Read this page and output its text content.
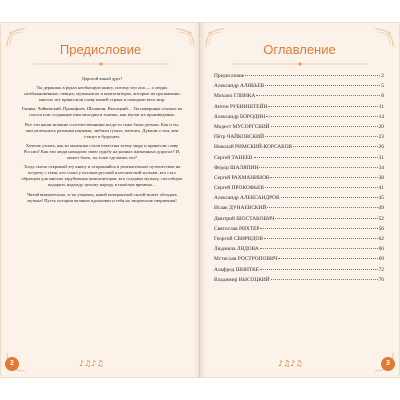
Предисловие

Дорогой юный друг!

Ты держишь в руках необычную книгу, потому что она — о людях необыкновенных: певцах, музыкантах и композиторах, которые на протяжении многих лет приносили славу нашей стране и покоряли весь мир.

Глинка, Чайковский, Прокофьев, Шаляпин, Высоцкий… Ты наверняка слышал их голоса или созданные ими мелодии и знаешь, как звучат их произведения.

Все эти наши великие соотечественники когда-то тоже были детьми. Как и ты, они увлекались разными науками, любили гулять, мечтать. Думали о том, кем станут в будущем.

Хочешь узнать, как из мальчика стали известны всему миру и принесли славу России? Как эти люди находили свою судьбу на разных жизненных дорогах? И, может быть, ты тоже сделаешь это?

Тогда смело открывай эту книгу и отправляйся в увлекательное путешествие на встречу с теми, кто стоял у истоков русской классической музыки, кто стал образцом для многих зарубежных композиторов, кто создавал музыку, способную подарить надежду целому народу в тяжёлые времена…

Читай внимательно, и ты узнаешь, какой невероятной силой может обладать музыка! Пусть истории великих вдохновят и тебя на творческие свершения!

♪♫♪♫
2
Оглавление
Предисловие	2
Александр АЛЯБЬЕВ	5
Михаил ГЛИНКА	8
Антон РУБИНШТЕЙН	11
Александр БОРОДИН	14
Модест МУСОРГСКИЙ	20
Пётр ЧАЙКОВСКИЙ	23
Николай РИМСКИЙ-КОРСАКОВ	26
Сергей ТАНЕЕВ	31
Фёдор ШАЛЯПИН	34
Сергей РАХМАНИНОВ	38
Сергей ПРОКОФЬЕВ	41
Александр АЛЕКСАНДРОВ	45
Исаак ДУНАЕВСКИЙ	49
Дмитрий ШОСТАКОВИЧ	52
Святослав РИХТЕР	56
Георгий СВИРИДОВ	62
Людмила ЛЯДОВА	66
Мстислав РОСТРОПОВИЧ	69
Альфред ШНИТКЕ	72
Владимир ВЫСОЦКИЙ	76
♪♫♪♫	3
